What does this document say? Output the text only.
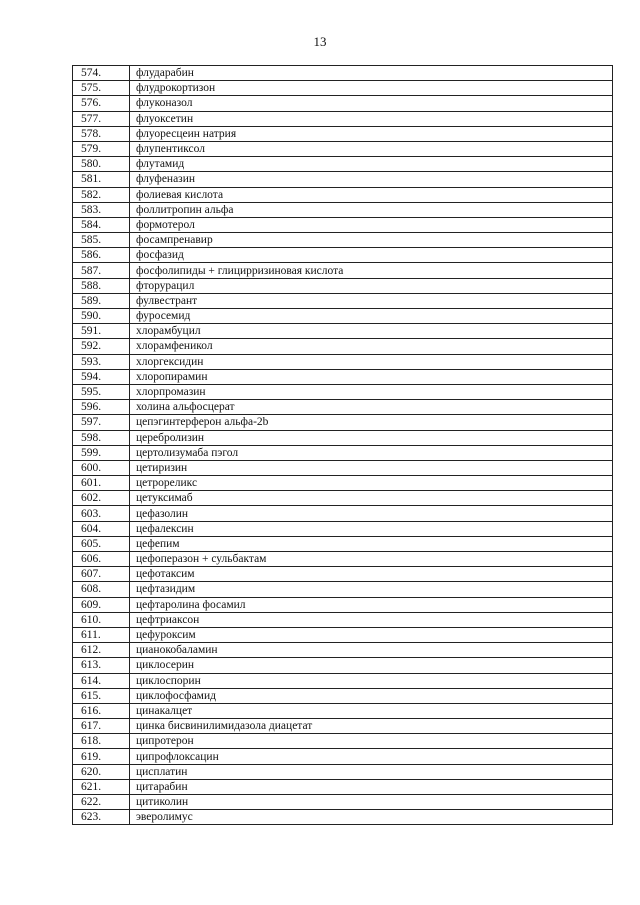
13
574.	флударабин
575.	флудрокортизон
576.	флуконазол
577.	флуоксетин
578.	флуоресцеин натрия
579.	флупентиксол
580.	флутамид
581.	флуфеназин
582.	фолиевая кислота
583.	фоллитропин альфа
584.	формотерол
585.	фосампренавир
586.	фосфазид
587.	фосфолипиды + глицирризиновая кислота
588.	фторурацил
589.	фулвестрант
590.	фуросемид
591.	хлорамбуцил
592.	хлорамфеникол
593.	хлоргексидин
594.	хлоропирамин
595.	хлорпромазин
596.	холина альфосцерат
597.	цепэгинтерферон альфа-2b
598.	церебролизин
599.	цертолизумаба пэгол
600.	цетиризин
601.	цетрореликс
602.	цетуксимаб
603.	цефазолин
604.	цефалексин
605.	цефепим
606.	цефоперазон + сульбактам
607.	цефотаксим
608.	цефтазидим
609.	цефтаролина фосамил
610.	цефтриаксон
611.	цефуроксим
612.	цианокобаламин
613.	циклосерин
614.	циклоспорин
615.	циклофосфамид
616.	цинакалцет
617.	цинка бисвинилимидазола диацетат
618.	ципротерон
619.	ципрофлоксацин
620.	цисплатин
621.	цитарабин
622.	цитиколин
623.	эверолимус
